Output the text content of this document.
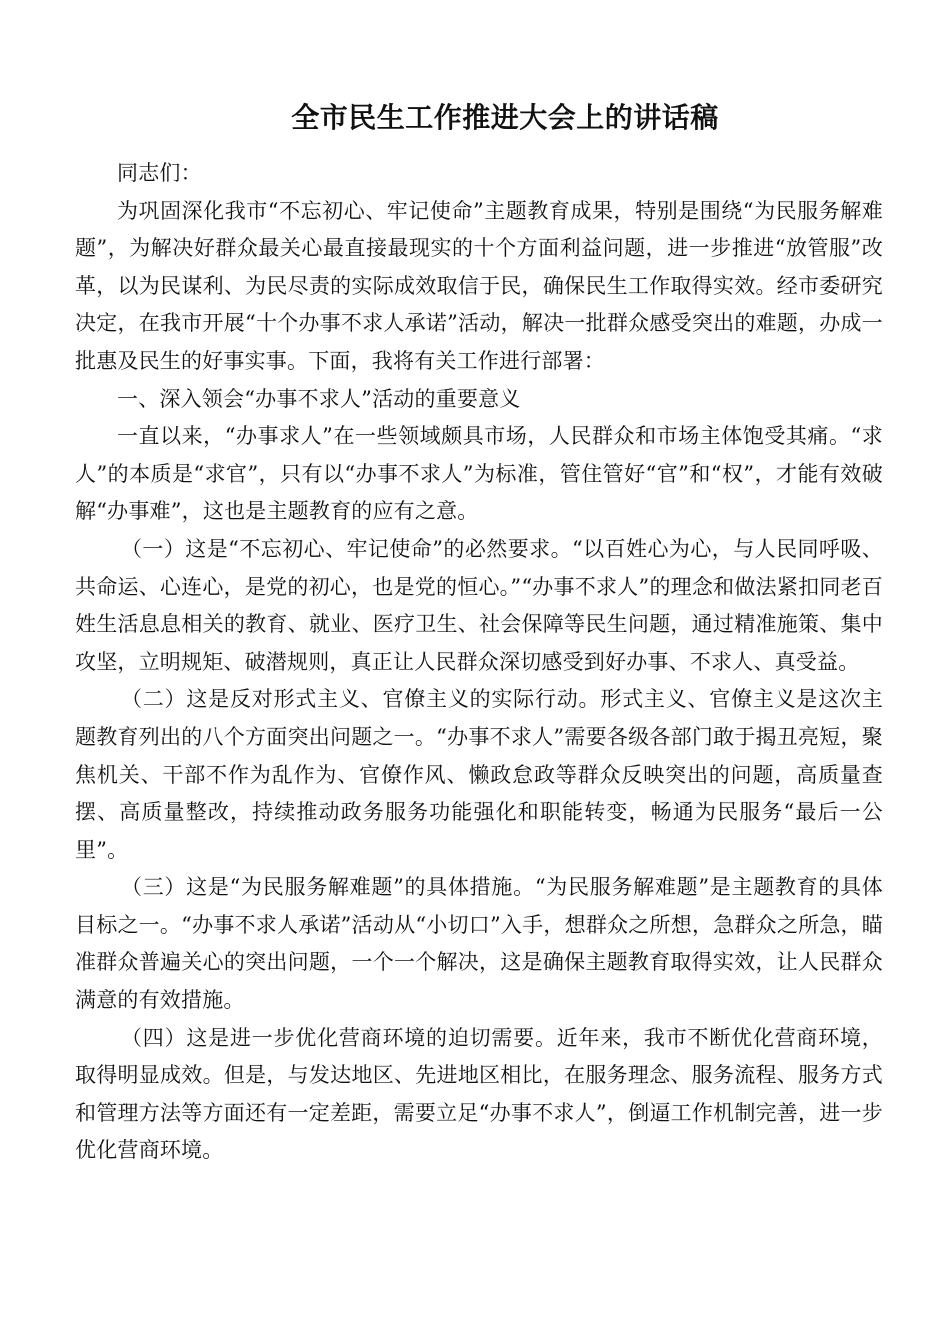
全市民生工作推进大会上的讲话稿

同志们：

为巩固深化我市“不忘初心、牢记使命”主题教育成果，特别是围绕“为民服务解难题”，为解决好群众最关心最直接最现实的十个方面利益问题，进一步推进“放管服”改革，以为民谋利、为民尽责的实际成效取信于民，确保民生工作取得实效。经市委研究决定，在我市开展“十个办事不求人承诺”活动，解决一批群众感受突出的难题，办成一批惠及民生的好事实事。下面，我将有关工作进行部署：

一、深入领会“办事不求人”活动的重要意义

一直以来，“办事求人”在一些领域颇具市场，人民群众和市场主体饱受其痛。“求人”的本质是“求官”，只有以“办事不求人”为标准，管住管好“官”和“权”，才能有效破解“办事难”，这也是主题教育的应有之意。

（一）这是“不忘初心、牢记使命”的必然要求。“以百姓心为心，与人民同呼吸、共命运、心连心，是党的初心，也是党的恒心。”“办事不求人”的理念和做法紧扣同老百姓生活息息相关的教育、就业、医疗卫生、社会保障等民生问题，通过精准施策、集中攻坚，立明规矩、破潜规则，真正让人民群众深切感受到好办事、不求人、真受益。

（二）这是反对形式主义、官僚主义的实际行动。形式主义、官僚主义是这次主题教育列出的八个方面突出问题之一。“办事不求人”需要各级各部门敢于揭丑亮短，聚焦机关、干部不作为乱作为、官僚作风、懒政怠政等群众反映突出的问题，高质量查摆、高质量整改，持续推动政务服务功能强化和职能转变，畅通为民服务“最后一公里”。

（三）这是“为民服务解难题”的具体措施。“为民服务解难题”是主题教育的具体目标之一。“办事不求人承诺”活动从“小切口”入手，想群众之所想，急群众之所急，瞄准群众普遍关心的突出问题，一个一个解决，这是确保主题教育取得实效，让人民群众满意的有效措施。

（四）这是进一步优化营商环境的迫切需要。近年来，我市不断优化营商环境，取得明显成效。但是，与发达地区、先进地区相比，在服务理念、服务流程、服务方式和管理方法等方面还有一定差距，需要立足“办事不求人”，倒逼工作机制完善，进一步优化营商环境。
